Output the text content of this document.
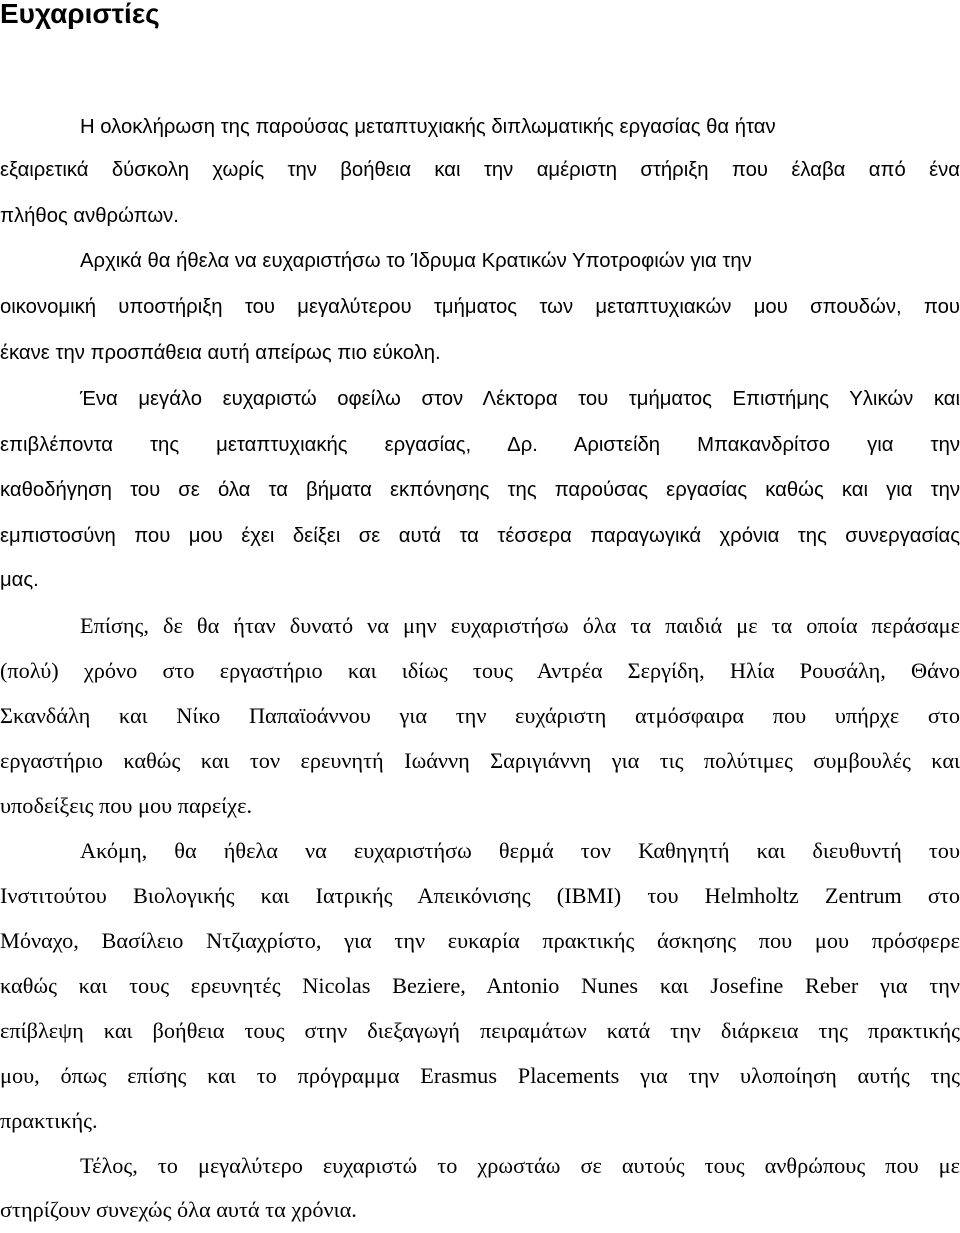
Ευχαριστίες
Η ολοκλήρωση της παρούσας μεταπτυχιακής διπλωματικής εργασίας θα ήταν
εξαιρετικά δύσκολη χωρίς την βοήθεια και την αμέριστη στήριξη που έλαβα από ένα
πλήθος ανθρώπων.
Αρχικά θα ήθελα να ευχαριστήσω το Ίδρυμα Κρατικών Υποτροφιών για την
οικονομική υποστήριξη του μεγαλύτερου τμήματος των μεταπτυχιακών μου σπουδών, που
έκανε την προσπάθεια αυτή απείρως πιο εύκολη.
Ένα μεγάλο ευχαριστώ οφείλω στον Λέκτορα του τμήματος Επιστήμης Υλικών και
επιβλέποντα της μεταπτυχιακής εργασίας, Δρ. Αριστείδη Μπακανδρίτσο για την
καθοδήγηση του σε όλα τα βήματα εκπόνησης της παρούσας εργασίας καθώς και για την
εμπιστοσύνη που μου έχει δείξει σε αυτά τα τέσσερα παραγωγικά χρόνια της συνεργασίας
μας.
Επίσης, δε θα ήταν δυνατό να μην ευχαριστήσω όλα τα παιδιά με τα οποία περάσαμε
(πολύ) χρόνο στο εργαστήριο και ιδίως τους Αντρέα Σεργίδη, Ηλία Ρουσάλη, Θάνο
Σκανδάλη και Νίκο Παπαϊοάννου για την ευχάριστη ατμόσφαιρα που υπήρχε στο
εργαστήριο καθώς και τον ερευνητή Ιωάννη Σαριγιάννη για τις πολύτιμες συμβουλές και
υποδείξεις που μου παρείχε.
Ακόμη, θα ήθελα να ευχαριστήσω θερμά τον Καθηγητή και διευθυντή του
Ινστιτούτου Βιολογικής και Ιατρικής Απεικόνισης (IBMI) του Helmholtz Zentrum στο
Μόναχο, Βασίλειο Ντζιαχρίστο, για την ευκαρία πρακτικής άσκησης που μου πρόσφερε
καθώς και τους ερευνητές Nicolas Beziere, Antonio Nunes και Josefine Reber για την
επίβλεψη και βοήθεια τους στην διεξαγωγή πειραμάτων κατά την διάρκεια της πρακτικής
μου, όπως επίσης και το πρόγραμμα Erasmus Placements για την υλοποίηση αυτής της
πρακτικής.
Τέλος, το μεγαλύτερο ευχαριστώ το χρωστάω σε αυτούς τους ανθρώπους που με
στηρίζουν συνεχώς όλα αυτά τα χρόνια.
